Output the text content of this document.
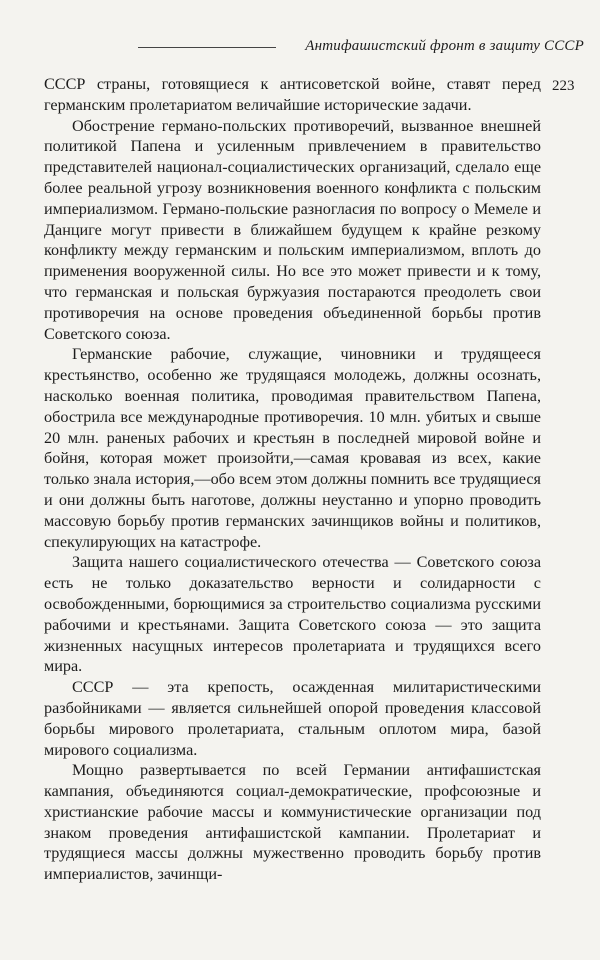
Антифашистский фронт в защиту СССР
223

СССР страны, готовящиеся к антисоветской войне, ставят перед германским пролетариатом величайшие исторические задачи.

Обострение германо-польских противоречий, вызванное внешней политикой Папена и усиленным привлечением в правительство представителей национал-социалистических организаций, сделало еще более реальной угрозу возникновения военного конфликта с польским империализмом. Германо-польские разногласия по вопросу о Мемеле и Данциге могут привести в ближайшем будущем к крайне резкому конфликту между германским и польским империализмом, вплоть до применения вооруженной силы. Но все это может привести и к тому, что германская и польская буржуазия постараются преодолеть свои противоречия на основе проведения объединенной борьбы против Советского союза.

Германские рабочие, служащие, чиновники и трудящееся крестьянство, особенно же трудящаяся молодежь, должны осознать, насколько военная политика, проводимая правительством Папена, обострила все международные противоречия. 10 млн. убитых и свыше 20 млн. раненых рабочих и крестьян в последней мировой войне и бойня, которая может произойти,—самая кровавая из всех, какие только знала история,—обо всем этом должны помнить все трудящиеся и они должны быть наготове, должны неустанно и упорно проводить массовую борьбу против германских зачинщиков войны и политиков, спекулирующих на катастрофе.

Защита нашего социалистического отечества — Советского союза есть не только доказательство верности и солидарности с освобожденными, борющимися за строительство социализма русскими рабочими и крестьянами. Защита Советского союза — это защита жизненных насущных интересов пролетариата и трудящихся всего мира.

СССР — эта крепость, осажденная милитаристическими разбойниками — является сильнейшей опорой проведения классовой борьбы мирового пролетариата, стальным оплотом мира, базой мирового социализма.

Мощно развертывается по всей Германии антифашистская кампания, объединяются социал-демократические, профсоюзные и христианские рабочие массы и коммунистические организации под знаком проведения антифашистской кампании. Пролетариат и трудящиеся массы должны мужественно проводить борьбу против империалистов, зачинщи-
